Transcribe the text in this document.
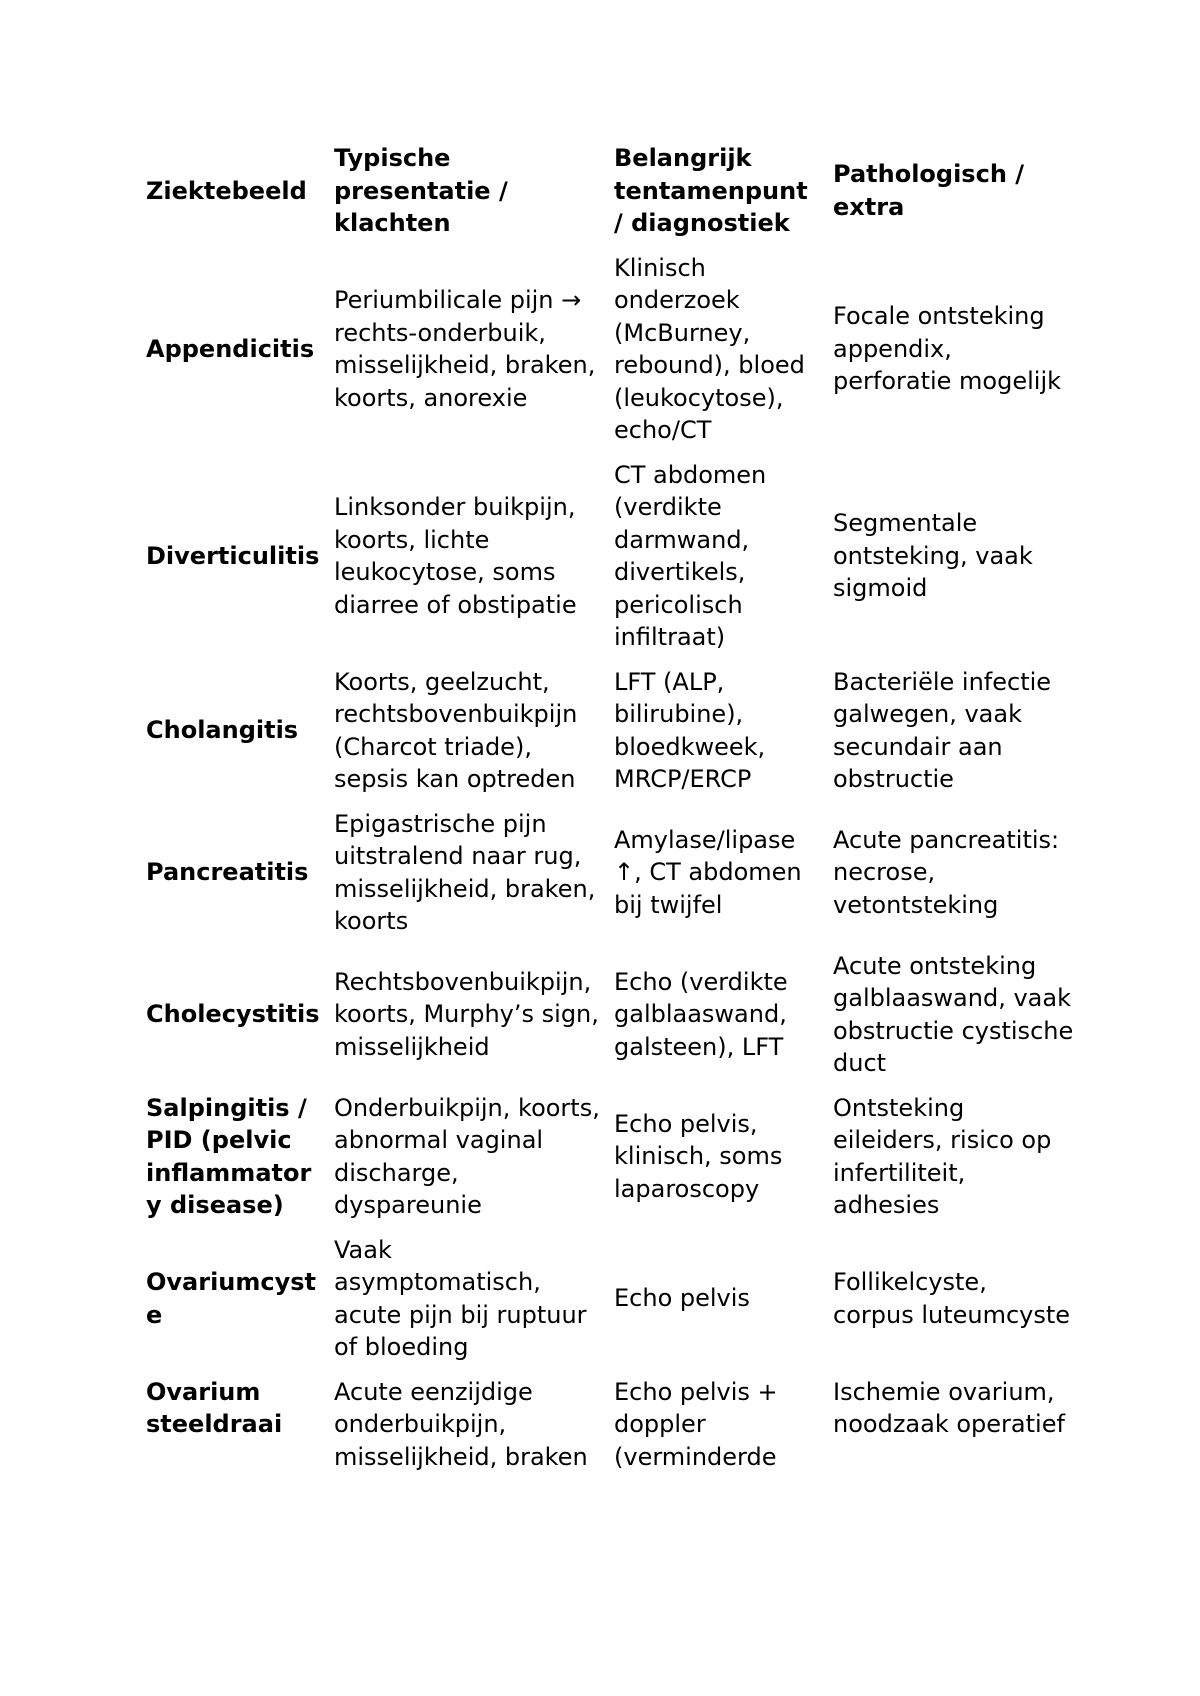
Ziektebeeld	Typische presentatie / klachten	Belangrijk tentamenpunt / diagnostiek	Pathologisch / extra
Appendicitis	Periumbilicale pijn → rechts-onderbuik, misselijkheid, braken, koorts, anorexie	Klinisch onderzoek (McBurney, rebound), bloed (leukocytose), echo/CT	Focale ontsteking appendix, perforatie mogelijk
Diverticulitis	Linksonder buikpijn, koorts, lichte leukocytose, soms diarree of obstipatie	CT abdomen (verdikte darmwand, divertikels, pericolisch infiltraat)	Segmentale ontsteking, vaak sigmoid
Cholangitis	Koorts, geelzucht, rechtsbovenbuikpijn (Charcot triade), sepsis kan optreden	LFT (ALP, bilirubine), bloedkweek, MRCP/ERCP	Bacteriële infectie galwegen, vaak secundair aan obstructie
Pancreatitis	Epigastrische pijn uitstralend naar rug, misselijkheid, braken, koorts	Amylase/lipase ↑, CT abdomen bij twijfel	Acute pancreatitis: necrose, vetontsteking
Cholecystitis	Rechtsbovenbuikpijn, koorts, Murphy’s sign, misselijkheid	Echo (verdikte galblaaswand, galsteen), LFT	Acute ontsteking galblaaswand, vaak obstructie cystische duct
Salpingitis / PID (pelvic inflammatory disease)	Onderbuikpijn, koorts, abnormal vaginal discharge, dyspareunie	Echo pelvis, klinisch, soms laparoscopy	Ontsteking eileiders, risico op infertiliteit, adhesies
Ovariumcyste	Vaak asymptomatisch, acute pijn bij ruptuur of bloeding	Echo pelvis	Follikelcyste, corpus luteumcyste
Ovarium steeldraai	Acute eenzijdige onderbuikpijn, misselijkheid, braken	Echo pelvis + doppler (verminderde	Ischemie ovarium, noodzaak operatief
